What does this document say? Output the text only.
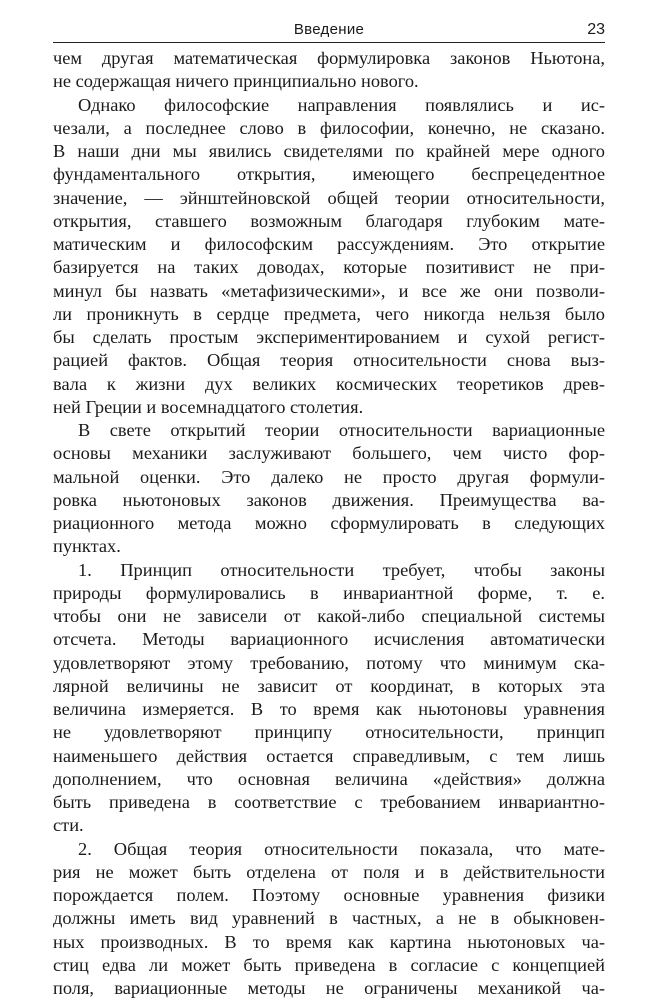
Введение	23

чем другая математическая формулировка законов Ньютона,
не содержащая ничего принципиально нового.

Однако философские направления появлялись и ис-
чезали, а последнее слово в философии, конечно, не сказано.
В наши дни мы явились свидетелями по крайней мере одного
фундаментального открытия, имеющего беспрецедентное
значение, — эйнштейновской общей теории относительности,
открытия, ставшего возможным благодаря глубоким мате-
матическим и философским рассуждениям. Это открытие
базируется на таких доводах, которые позитивист не при-
минул бы назвать «метафизическими», и все же они позволи-
ли проникнуть в сердце предмета, чего никогда нельзя было
бы сделать простым экспериментированием и сухой регист-
рацией фактов. Общая теория относительности снова выз-
вала к жизни дух великих космических теоретиков древ-
ней Греции и восемнадцатого столетия.

В свете открытий теории относительности вариационные
основы механики заслуживают большего, чем чисто фор-
мальной оценки. Это далеко не просто другая формули-
ровка ньютоновых законов движения. Преимущества ва-
риационного метода можно сформулировать в следующих
пунктах.

1. Принцип относительности требует, чтобы законы
природы формулировались в инвариантной форме, т. е.
чтобы они не зависели от какой-либо специальной системы
отсчета. Методы вариационного исчисления автоматически
удовлетворяют этому требованию, потому что минимум ска-
лярной величины не зависит от координат, в которых эта
величина измеряется. В то время как ньютоновы уравнения
не удовлетворяют принципу относительности, принцип
наименьшего действия остается справедливым, с тем лишь
дополнением, что основная величина «действия» должна
быть приведена в соответствие с требованием инвариантно-
сти.

2. Общая теория относительности показала, что мате-
рия не может быть отделена от поля и в действительности
порождается полем. Поэтому основные уравнения физики
должны иметь вид уравнений в частных, а не в обыкновен-
ных производных. В то время как картина ньютоновых ча-
стиц едва ли может быть приведена в согласие с концепцией
поля, вариационные методы не ограничены механикой ча-
